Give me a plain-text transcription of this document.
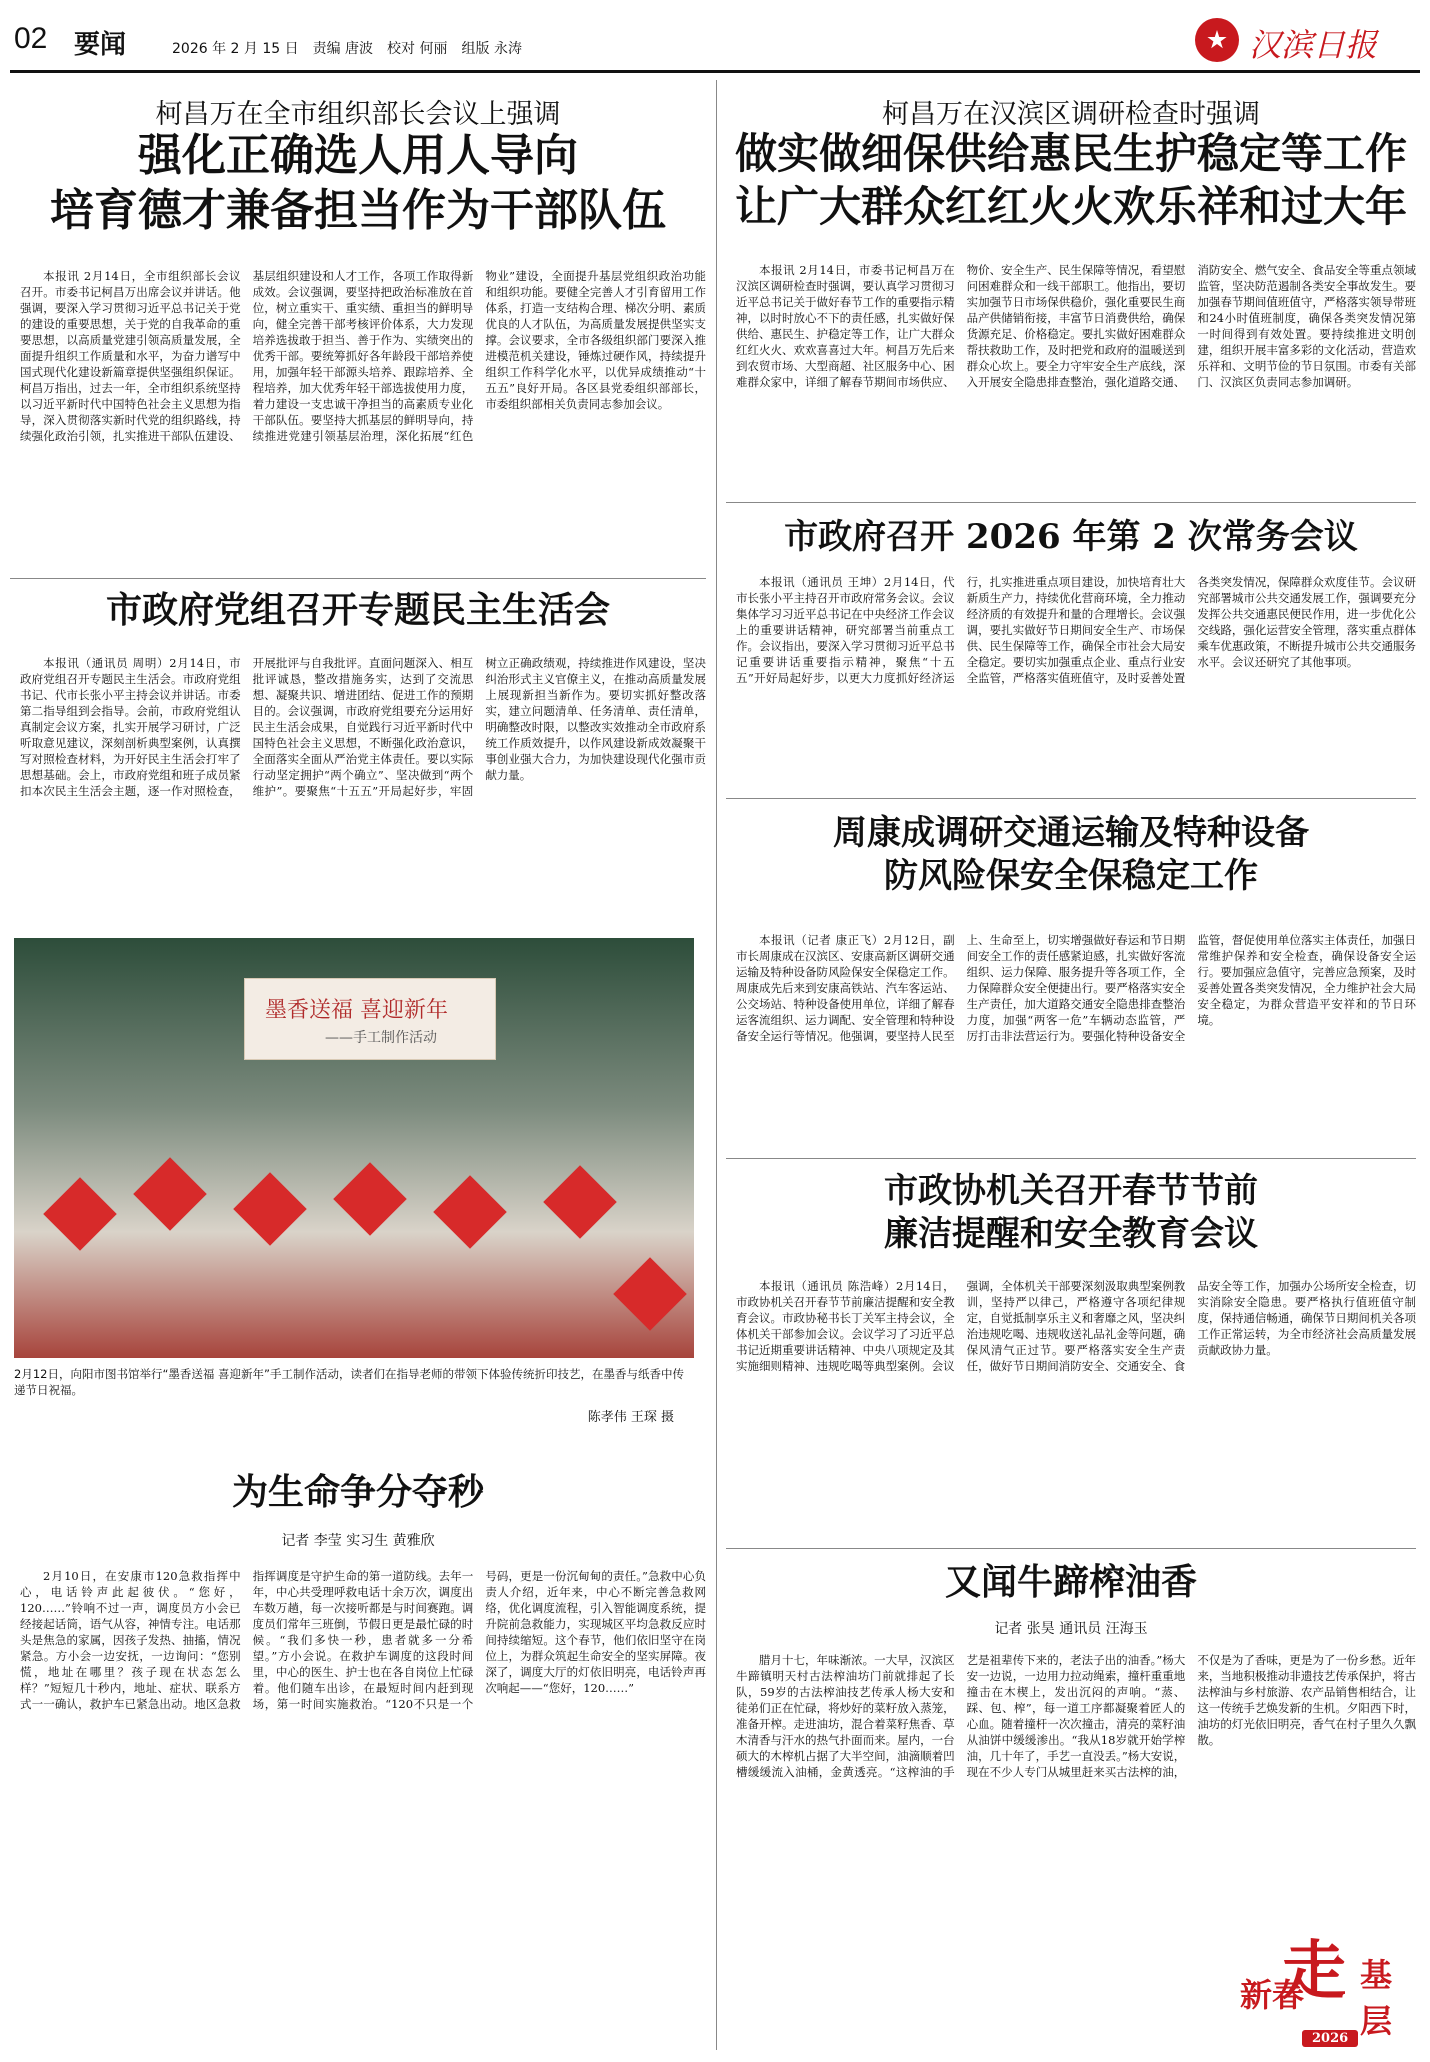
02 要闻	2026 年 2 月 15 日　责编 唐波　校对 何丽　组版 永涛	汉滨日报
柯昌万在全市组织部长会议上强调
强化正确选人用人导向
培育德才兼备担当作为干部队伍

本报讯 2月14日，全市组织部长会议召开。市委书记柯昌万出席会议并讲话。他强调，要深入学习贯彻习近平总书记关于党的建设的重要思想，关于党的自我革命的重要思想，以高质量党建引领高质量发展，全面提升组织工作质量和水平，为奋力谱写中国式现代化建设新篇章提供坚强组织保证。柯昌万指出，过去一年，全市组织系统坚持以习近平新时代中国特色社会主义思想为指导，深入贯彻落实新时代党的组织路线，持续强化政治引领，扎实推进干部队伍建设、基层组织建设和人才工作，各项工作取得新成效。会议强调，要坚持把政治标准放在首位，树立重实干、重实绩、重担当的鲜明导向，健全完善干部考核评价体系，大力发现培养选拔敢于担当、善于作为、实绩突出的优秀干部。要统筹抓好各年龄段干部培养使用，加强年轻干部源头培养、跟踪培养、全程培养，加大优秀年轻干部选拔使用力度，着力建设一支忠诚干净担当的高素质专业化干部队伍。要坚持大抓基层的鲜明导向，持续推进党建引领基层治理，深化拓展“红色物业”建设，全面提升基层党组织政治功能和组织功能。要健全完善人才引育留用工作体系，打造一支结构合理、梯次分明、素质优良的人才队伍，为高质量发展提供坚实支撑。会议要求，全市各级组织部门要深入推进模范机关建设，锤炼过硬作风，持续提升组织工作科学化水平，以优异成绩推动“十五五”良好开局。各区县党委组织部部长，市委组织部相关负责同志参加会议。

市政府党组召开专题民主生活会

本报讯（通讯员 周明）2月14日，市政府党组召开专题民主生活会。市政府党组书记、代市长张小平主持会议并讲话。市委第二指导组到会指导。会前，市政府党组认真制定会议方案，扎实开展学习研讨，广泛听取意见建议，深刻剖析典型案例，认真撰写对照检查材料，为开好民主生活会打牢了思想基础。会上，市政府党组和班子成员紧扣本次民主生活会主题，逐一作对照检查，开展批评与自我批评。直面问题深入、相互批评诚恳，整改措施务实，达到了交流思想、凝聚共识、增进团结、促进工作的预期目的。会议强调，市政府党组要充分运用好民主生活会成果，自觉践行习近平新时代中国特色社会主义思想，不断强化政治意识，全面落实全面从严治党主体责任。要以实际行动坚定拥护“两个确立”、坚决做到“两个维护”。要聚焦“十五五”开局起好步，牢固树立正确政绩观，持续推进作风建设，坚决纠治形式主义官僚主义，在推动高质量发展上展现新担当新作为。要切实抓好整改落实，建立问题清单、任务清单、责任清单，明确整改时限，以整改实效推动全市政府系统工作质效提升，以作风建设新成效凝聚干事创业强大合力，为加快建设现代化强市贡献力量。

墨香送福 喜迎新年
——手工制作活动
2月12日，向阳市图书馆举行“墨香送福 喜迎新年”手工制作活动，读者们在指导老师的带领下体验传统折印技艺，在墨香与纸香中传递节日祝福。
陈孝伟 王琛 摄
为生命争分夺秒
记者 李莹 实习生 黄雅欣

2月10日，在安康市120急救指挥中心，电话铃声此起彼伏。“您好，120……”铃响不过一声，调度员方小会已经接起话筒，语气从容，神情专注。电话那头是焦急的家属，因孩子发热、抽搐，情况紧急。方小会一边安抚，一边询问：“您别慌，地址在哪里？孩子现在状态怎么样？”短短几十秒内，地址、症状、联系方式一一确认，救护车已紧急出动。地区急救指挥调度是守护生命的第一道防线。去年一年，中心共受理呼救电话十余万次，调度出车数万趟，每一次接听都是与时间赛跑。调度员们常年三班倒，节假日更是最忙碌的时候。“我们多快一秒，患者就多一分希望。”方小会说。在救护车调度的这段时间里，中心的医生、护士也在各自岗位上忙碌着。他们随车出诊，在最短时间内赶到现场，第一时间实施救治。“120不只是一个号码，更是一份沉甸甸的责任。”急救中心负责人介绍，近年来，中心不断完善急救网络，优化调度流程，引入智能调度系统，提升院前急救能力，实现城区平均急救反应时间持续缩短。这个春节，他们依旧坚守在岗位上，为群众筑起生命安全的坚实屏障。夜深了，调度大厅的灯依旧明亮，电话铃声再次响起——“您好，120……”

柯昌万在汉滨区调研检查时强调
做实做细保供给惠民生护稳定等工作
让广大群众红红火火欢乐祥和过大年

本报讯 2月14日，市委书记柯昌万在汉滨区调研检查时强调，要认真学习贯彻习近平总书记关于做好春节工作的重要指示精神，以时时放心不下的责任感，扎实做好保供给、惠民生、护稳定等工作，让广大群众红红火火、欢欢喜喜过大年。柯昌万先后来到农贸市场、大型商超、社区服务中心、困难群众家中，详细了解春节期间市场供应、物价、安全生产、民生保障等情况，看望慰问困难群众和一线干部职工。他指出，要切实加强节日市场保供稳价，强化重要民生商品产供储销衔接，丰富节日消费供给，确保货源充足、价格稳定。要扎实做好困难群众帮扶救助工作，及时把党和政府的温暖送到群众心坎上。要全力守牢安全生产底线，深入开展安全隐患排查整治，强化道路交通、消防安全、燃气安全、食品安全等重点领域监管，坚决防范遏制各类安全事故发生。要加强春节期间值班值守，严格落实领导带班和24小时值班制度，确保各类突发情况第一时间得到有效处置。要持续推进文明创建，组织开展丰富多彩的文化活动，营造欢乐祥和、文明节俭的节日氛围。市委有关部门、汉滨区负责同志参加调研。

市政府召开 2026 年第 2 次常务会议

本报讯（通讯员 王坤）2月14日，代市长张小平主持召开市政府常务会议。会议集体学习习近平总书记在中央经济工作会议上的重要讲话精神，研究部署当前重点工作。会议指出，要深入学习贯彻习近平总书记重要讲话重要指示精神，聚焦“十五五”开好局起好步，以更大力度抓好经济运行，扎实推进重点项目建设，加快培育壮大新质生产力，持续优化营商环境，全力推动经济质的有效提升和量的合理增长。会议强调，要扎实做好节日期间安全生产、市场保供、民生保障等工作，确保全市社会大局安全稳定。要切实加强重点企业、重点行业安全监管，严格落实值班值守，及时妥善处置各类突发情况，保障群众欢度佳节。会议研究部署城市公共交通发展工作，强调要充分发挥公共交通惠民便民作用，进一步优化公交线路，强化运营安全管理，落实重点群体乘车优惠政策，不断提升城市公共交通服务水平。会议还研究了其他事项。

周康成调研交通运输及特种设备
防风险保安全保稳定工作

本报讯（记者 康正飞）2月12日，副市长周康成在汉滨区、安康高新区调研交通运输及特种设备防风险保安全保稳定工作。周康成先后来到安康高铁站、汽车客运站、公交场站、特种设备使用单位，详细了解春运客流组织、运力调配、安全管理和特种设备安全运行等情况。他强调，要坚持人民至上、生命至上，切实增强做好春运和节日期间安全工作的责任感紧迫感，扎实做好客流组织、运力保障、服务提升等各项工作，全力保障群众安全便捷出行。要严格落实安全生产责任，加大道路交通安全隐患排查整治力度，加强“两客一危”车辆动态监管，严厉打击非法营运行为。要强化特种设备安全监管，督促使用单位落实主体责任，加强日常维护保养和安全检查，确保设备安全运行。要加强应急值守，完善应急预案，及时妥善处置各类突发情况，全力维护社会大局安全稳定，为群众营造平安祥和的节日环境。

市政协机关召开春节节前
廉洁提醒和安全教育会议

本报讯（通讯员 陈浩峰）2月14日，市政协机关召开春节节前廉洁提醒和安全教育会议。市政协秘书长丁关军主持会议，全体机关干部参加会议。会议学习了习近平总书记近期重要讲话精神、中央八项规定及其实施细则精神、违规吃喝等典型案例。会议强调，全体机关干部要深刻汲取典型案例教训，坚持严以律己，严格遵守各项纪律规定，自觉抵制享乐主义和奢靡之风，坚决纠治违规吃喝、违规收送礼品礼金等问题，确保风清气正过节。要严格落实安全生产责任，做好节日期间消防安全、交通安全、食品安全等工作，加强办公场所安全检查，切实消除安全隐患。要严格执行值班值守制度，保持通信畅通，确保节日期间机关各项工作正常运转，为全市经济社会高质量发展贡献政协力量。

又闻牛蹄榨油香
记者 张昊 通讯员 汪海玉

腊月十七，年味渐浓。一大早，汉滨区牛蹄镇明天村古法榨油坊门前就排起了长队，59岁的古法榨油技艺传承人杨大安和徒弟们正在忙碌，将炒好的菜籽放入蒸笼，准备开榨。走进油坊，混合着菜籽焦香、草木清香与汗水的热气扑面而来。屋内，一台硕大的木榨机占据了大半空间，油滴顺着凹槽缓缓流入油桶，金黄透亮。“这榨油的手艺是祖辈传下来的，老法子出的油香。”杨大安一边说，一边用力拉动绳索，撞杆重重地撞击在木楔上，发出沉闷的声响。“蒸、踩、包、榨”，每一道工序都凝聚着匠人的心血。随着撞杆一次次撞击，清亮的菜籽油从油饼中缓缓渗出。“我从18岁就开始学榨油，几十年了，手艺一直没丢。”杨大安说，现在不少人专门从城里赶来买古法榨的油，不仅是为了香味，更是为了一份乡愁。近年来，当地积极推动非遗技艺传承保护，将古法榨油与乡村旅游、农产品销售相结合，让这一传统手艺焕发新的生机。夕阳西下时，油坊的灯光依旧明亮，香气在村子里久久飘散。

新春
走 基层
2026
